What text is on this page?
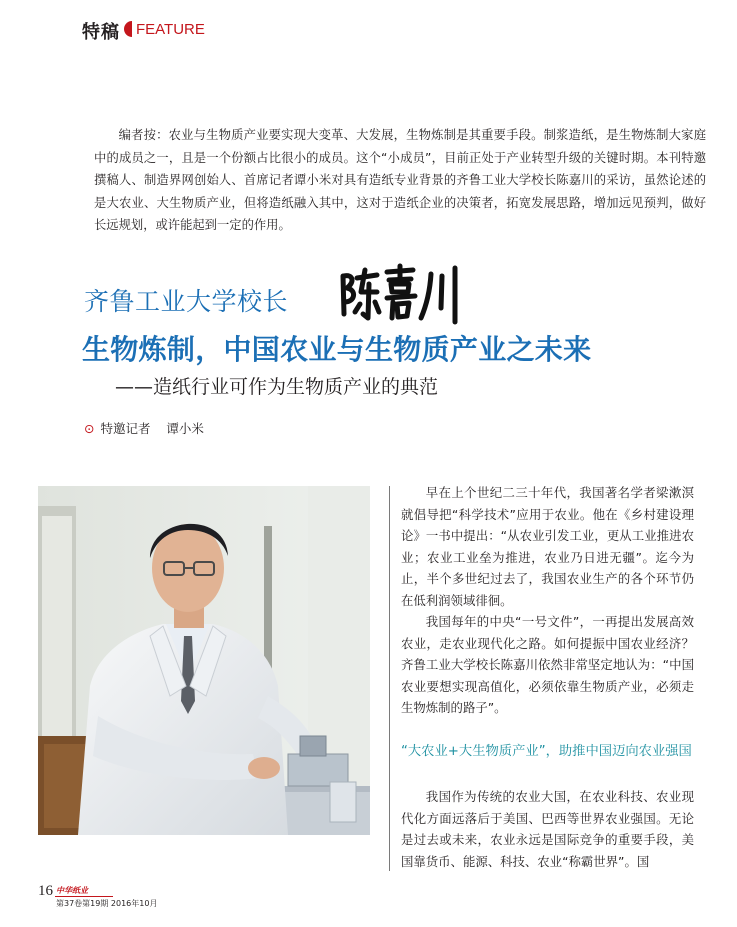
特稿 FEATURE
编者按：农业与生物质产业要实现大变革、大发展，生物炼制是其重要手段。制浆造纸，是生物炼制大家庭中的成员之一，且是一个份额占比很小的成员。这个“小成员”，目前正处于产业转型升级的关键时期。本刊特邀撰稿人、制造界网创始人、首席记者谭小米对具有造纸专业背景的齐鲁工业大学校长陈嘉川的采访，虽然论述的是大农业、大生物质产业，但将造纸融入其中，这对于造纸企业的决策者，拓宽发展思路，增加远见预判，做好长远规划，或许能起到一定的作用。
齐鲁工业大学校长
生物炼制，中国农业与生物质产业之未来
——造纸行业可作为生物质产业的典范
⊙ 特邀记者 谭小米

早在上个世纪二三十年代，我国著名学者梁漱溟就倡导把“科学技术”应用于农业。他在《乡村建设理论》一书中提出：“从农业引发工业，更从工业推进农业；农业工业垒为推进，农业乃日进无疆”。迄今为止，半个多世纪过去了，我国农业生产的各个环节仍在低利润领域徘徊。

我国每年的中央“一号文件”，一再提出发展高效农业，走农业现代化之路。如何提振中国农业经济？齐鲁工业大学校长陈嘉川依然非常坚定地认为：“中国农业要想实现高值化，必须依靠生物质产业，必须走生物炼制的路子”。

“大农业+大生物质产业”，助推中国迈向农业强国

我国作为传统的农业大国，在农业科技、农业现代化方面远落后于美国、巴西等世界农业强国。无论是过去或未来，农业永远是国际竞争的重要手段，美国靠货币、能源、科技、农业“称霸世界”。国

16 中华纸业
第37卷第19期 2016年10月
